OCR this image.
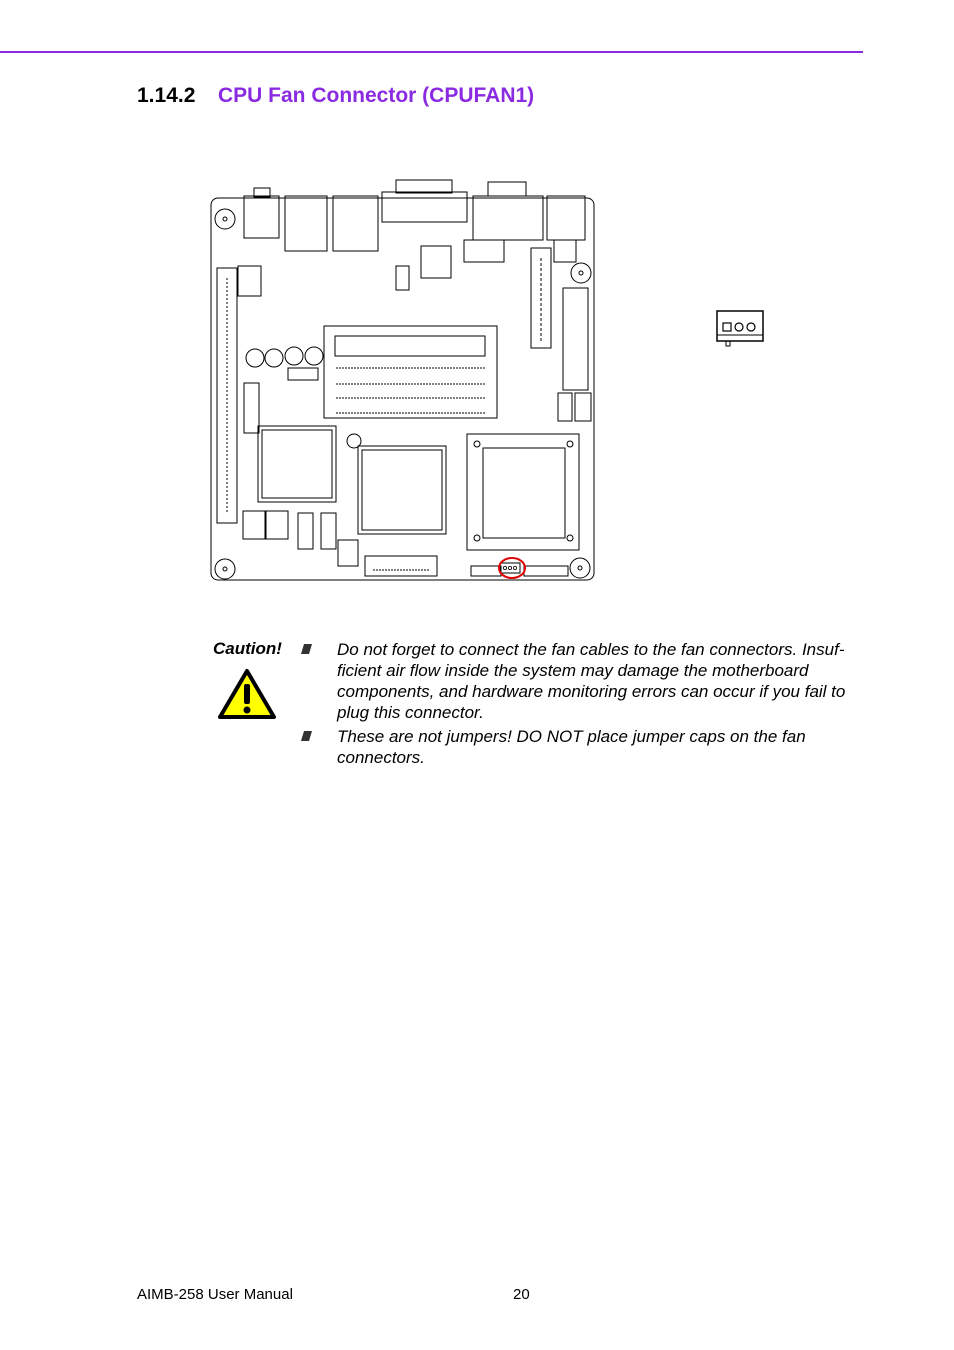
1.14.2 CPU Fan Connector (CPUFAN1)
Caution!	Do not forget to connect the fan cables to the fan connectors. Insuf-ficient air flow inside the system may damage the motherboard components, and hardware monitoring errors can occur if you fail to plug this connector.
These are not jumpers! DO NOT place jumper caps on the fan connectors.
AIMB-258 User Manual	20
